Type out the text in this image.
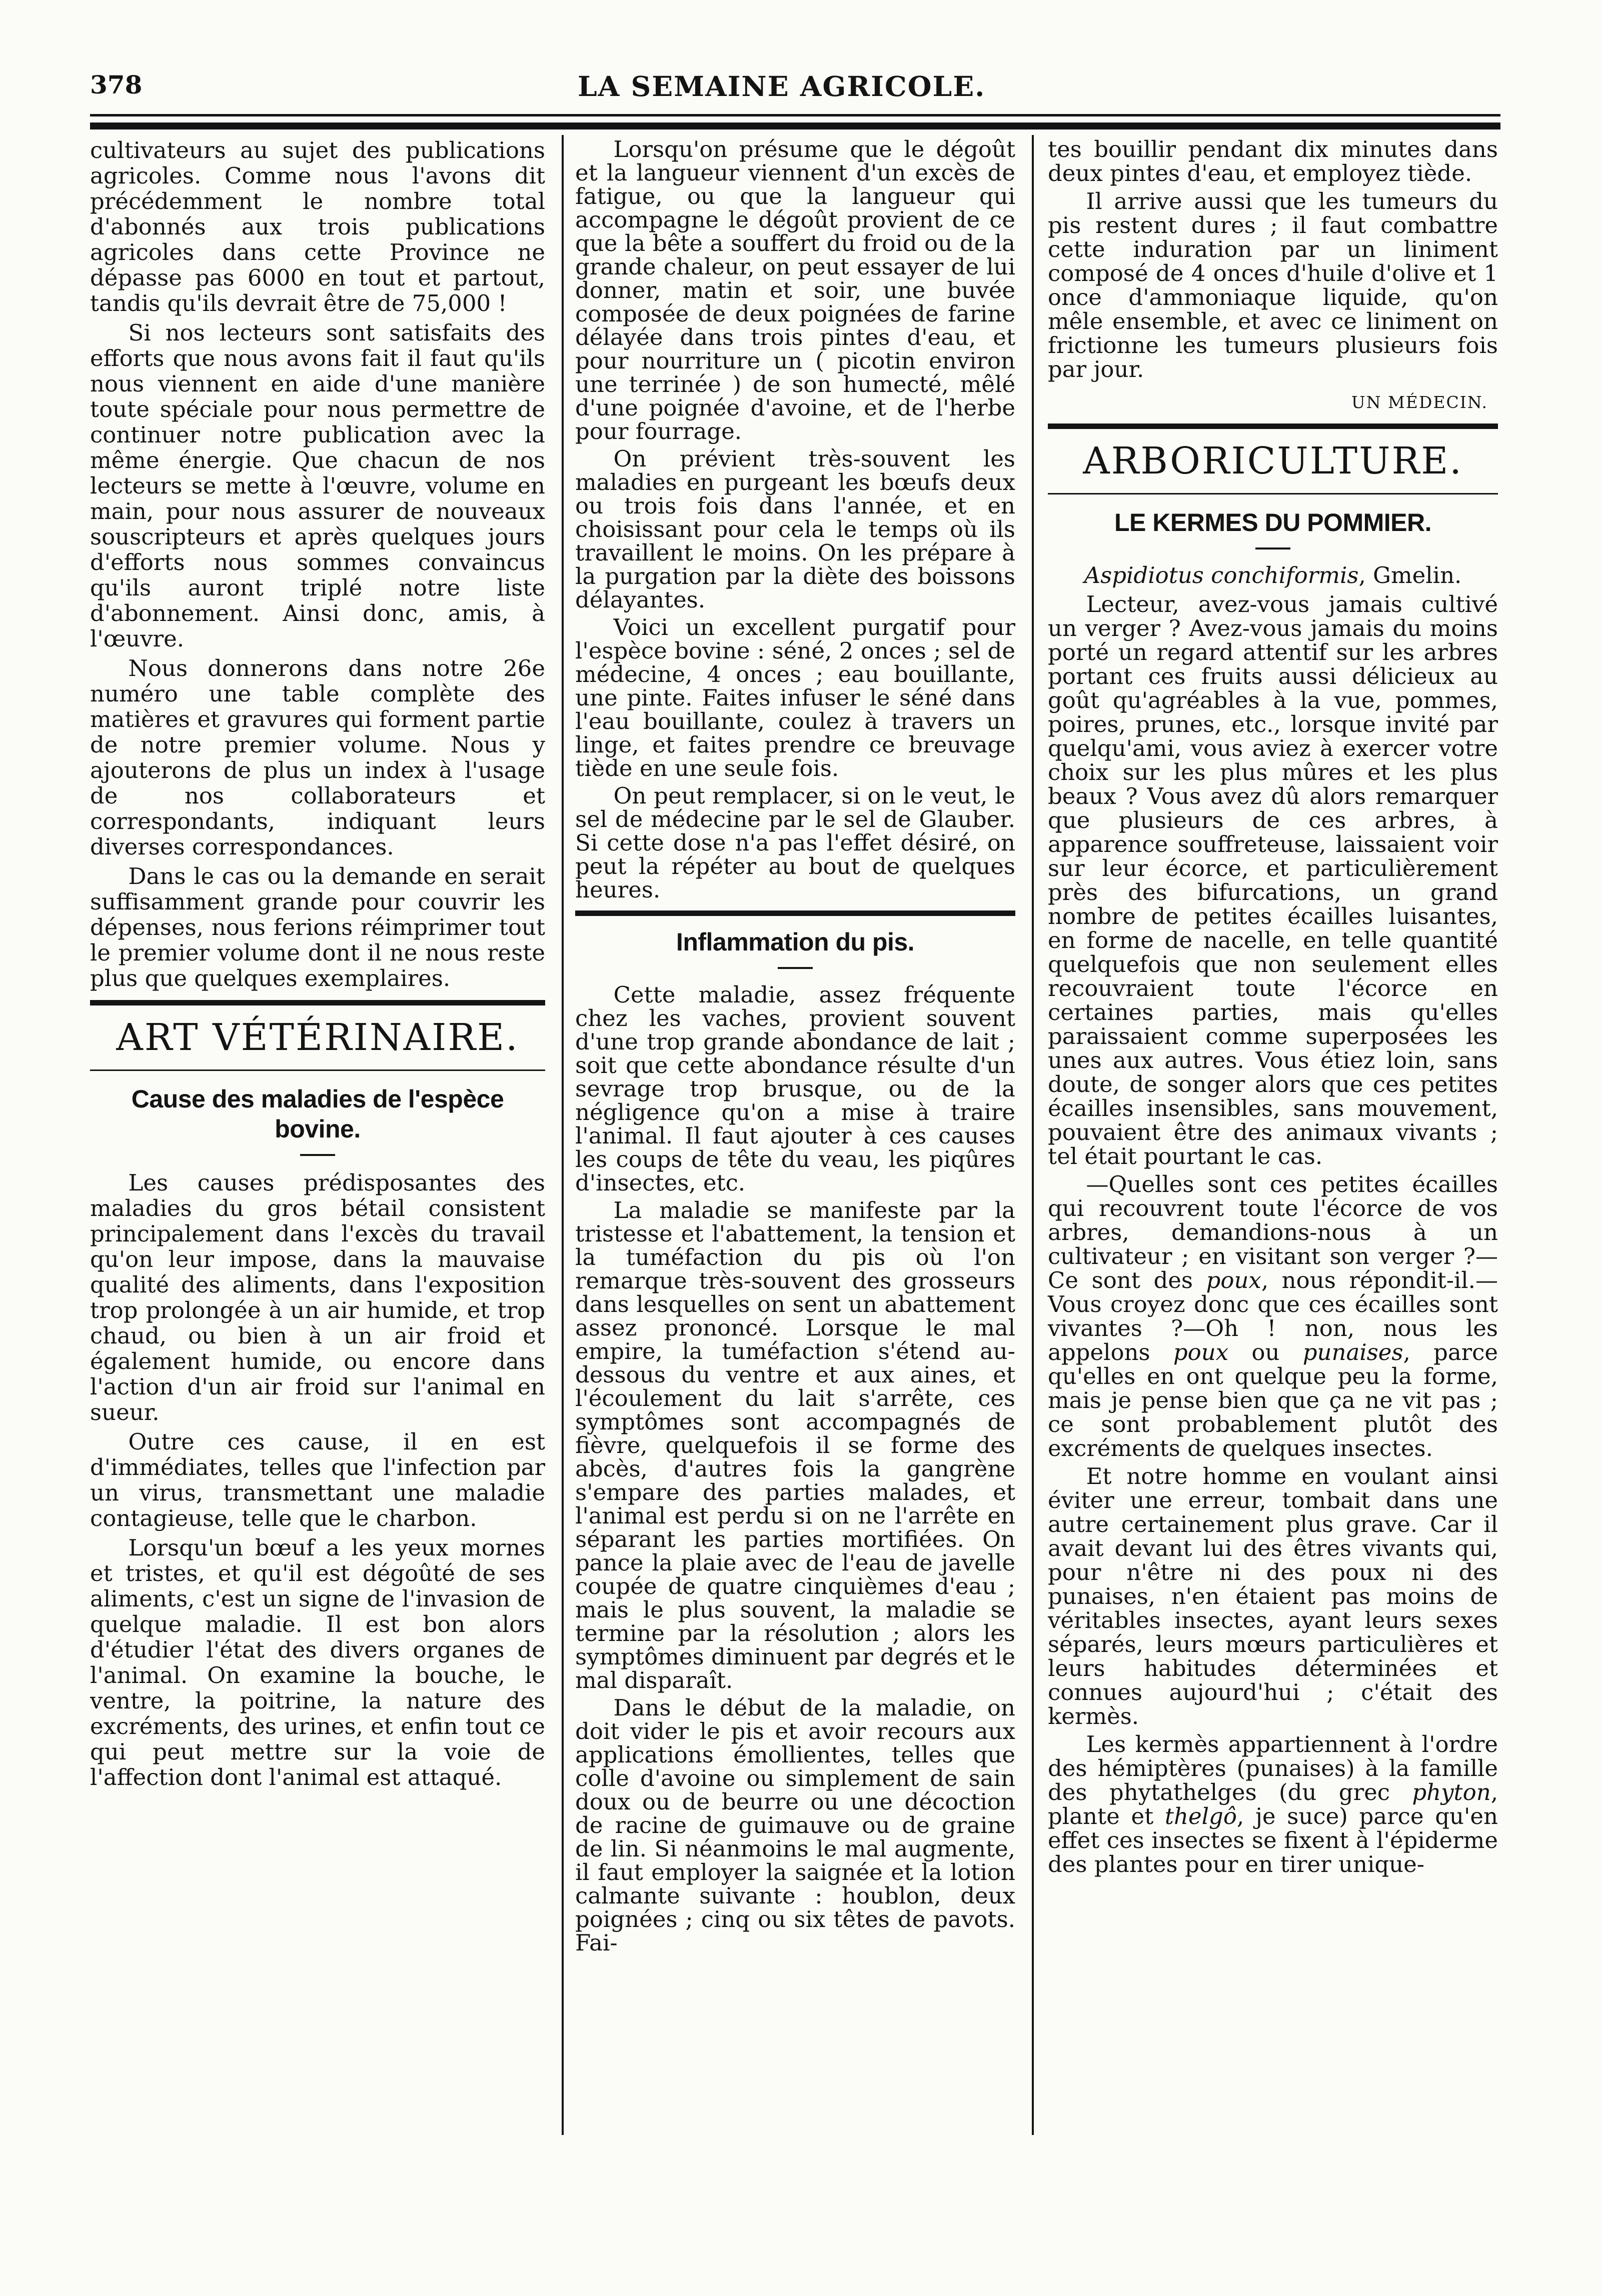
378	LA SEMAINE AGRICOLE.

cultivateurs au sujet des publications agricoles. Comme nous l'avons dit précédemment le nombre total d'abonnés aux trois publications agricoles dans cette Province ne dépasse pas 6000 en tout et partout, tandis qu'ils devrait être de 75,000 !

Si nos lecteurs sont satisfaits des efforts que nous avons fait il faut qu'ils nous viennent en aide d'une manière toute spéciale pour nous permettre de continuer notre publication avec la même énergie. Que chacun de nos lecteurs se mette à l'œuvre, volume en main, pour nous assurer de nouveaux souscripteurs et après quelques jours d'efforts nous sommes convaincus qu'ils auront triplé notre liste d'abonnement. Ainsi donc, amis, à l'œuvre.

Nous donnerons dans notre 26e numéro une table complète des matières et gravures qui forment partie de notre premier volume. Nous y ajouterons de plus un index à l'usage de nos collaborateurs et correspondants, indiquant leurs diverses correspondances.

Dans le cas ou la demande en serait suffisamment grande pour couvrir les dépenses, nous ferions réimprimer tout le premier volume dont il ne nous reste plus que quelques exemplaires.

ART VÉTÉRINAIRE.
Cause des maladies de l'espèce bovine.

Les causes prédisposantes des maladies du gros bétail consistent principalement dans l'excès du travail qu'on leur impose, dans la mauvaise qualité des aliments, dans l'exposition trop prolongée à un air humide, et trop chaud, ou bien à un air froid et également humide, ou encore dans l'action d'un air froid sur l'animal en sueur.

Outre ces cause, il en est d'immédiates, telles que l'infection par un virus, transmettant une maladie contagieuse, telle que le charbon.

Lorsqu'un bœuf a les yeux mornes et tristes, et qu'il est dégoûté de ses aliments, c'est un signe de l'invasion de quelque maladie. Il est bon alors d'étudier l'état des divers organes de l'animal. On examine la bouche, le ventre, la poitrine, la nature des excréments, des urines, et enfin tout ce qui peut mettre sur la voie de l'affection dont l'animal est attaqué.

Lorsqu'on présume que le dégoût et la langueur viennent d'un excès de fatigue, ou que la langueur qui accompagne le dégoût provient de ce que la bête a souffert du froid ou de la grande chaleur, on peut essayer de lui donner, matin et soir, une buvée composée de deux poignées de farine délayée dans trois pintes d'eau, et pour nourriture un ( picotin environ une terrinée ) de son humecté, mêlé d'une poignée d'avoine, et de l'herbe pour fourrage.

On prévient très-souvent les maladies en purgeant les bœufs deux ou trois fois dans l'année, et en choisissant pour cela le temps où ils travaillent le moins. On les prépare à la purgation par la diète des boissons délayantes.

Voici un excellent purgatif pour l'espèce bovine : séné, 2 onces ; sel de médecine, 4 onces ; eau bouillante, une pinte. Faites infuser le séné dans l'eau bouillante, coulez à travers un linge, et faites prendre ce breuvage tiède en une seule fois.

On peut remplacer, si on le veut, le sel de médecine par le sel de Glauber. Si cette dose n'a pas l'effet désiré, on peut la répéter au bout de quelques heures.

Inflammation du pis.

Cette maladie, assez fréquente chez les vaches, provient souvent d'une trop grande abondance de lait ; soit que cette abondance résulte d'un sevrage trop brusque, ou de la négligence qu'on a mise à traire l'animal. Il faut ajouter à ces causes les coups de tête du veau, les piqûres d'insectes, etc.

La maladie se manifeste par la tristesse et l'abattement, la tension et la tuméfaction du pis où l'on remarque très-souvent des grosseurs dans lesquelles on sent un abattement assez prononcé. Lorsque le mal empire, la tuméfaction s'étend au-dessous du ventre et aux aines, et l'écoulement du lait s'arrête, ces symptômes sont accompagnés de fièvre, quelquefois il se forme des abcès, d'autres fois la gangrène s'empare des parties malades, et l'animal est perdu si on ne l'arrête en séparant les parties mortifiées. On pance la plaie avec de l'eau de javelle coupée de quatre cinquièmes d'eau ; mais le plus souvent, la maladie se termine par la résolution ; alors les symptômes diminuent par degrés et le mal disparaît.

Dans le début de la maladie, on doit vider le pis et avoir recours aux applications émollientes, telles que colle d'avoine ou simplement de sain doux ou de beurre ou une décoction de racine de guimauve ou de graine de lin. Si néanmoins le mal augmente, il faut employer la saignée et la lotion calmante suivante : houblon, deux poignées ; cinq ou six têtes de pavots. Fai-

tes bouillir pendant dix minutes dans deux pintes d'eau, et employez tiède.

Il arrive aussi que les tumeurs du pis restent dures ; il faut combattre cette induration par un liniment composé de 4 onces d'huile d'olive et 1 once d'ammoniaque liquide, qu'on mêle ensemble, et avec ce liniment on frictionne les tumeurs plusieurs fois par jour.

UN MÉDECIN.
ARBORICULTURE.
LE KERMES DU POMMIER.
Aspidiotus conchiformis, Gmelin.

Lecteur, avez-vous jamais cultivé un verger ? Avez-vous jamais du moins porté un regard attentif sur les arbres portant ces fruits aussi délicieux au goût qu'agréables à la vue, pommes, poires, prunes, etc., lorsque invité par quelqu'ami, vous aviez à exercer votre choix sur les plus mûres et les plus beaux ? Vous avez dû alors remarquer que plusieurs de ces arbres, à apparence souffreteuse, laissaient voir sur leur écorce, et particulièrement près des bifurcations, un grand nombre de petites écailles luisantes, en forme de nacelle, en telle quantité quelquefois que non seulement elles recouvraient toute l'écorce en certaines parties, mais qu'elles paraissaient comme superposées les unes aux autres. Vous étiez loin, sans doute, de songer alors que ces petites écailles insensibles, sans mouvement, pouvaient être des animaux vivants ; tel était pourtant le cas.

—Quelles sont ces petites écailles qui recouvrent toute l'écorce de vos arbres, demandions-nous à un cultivateur ; en visitant son verger ?—Ce sont des poux, nous répondit-il.—Vous croyez donc que ces écailles sont vivantes ?—Oh ! non, nous les appelons poux ou punaises, parce qu'elles en ont quelque peu la forme, mais je pense bien que ça ne vit pas ; ce sont probablement plutôt des excréments de quelques insectes.

Et notre homme en voulant ainsi éviter une erreur, tombait dans une autre certainement plus grave. Car il avait devant lui des êtres vivants qui, pour n'être ni des poux ni des punaises, n'en étaient pas moins de véritables insectes, ayant leurs sexes séparés, leurs mœurs particulières et leurs habitudes déterminées et connues aujourd'hui ; c'était des kermès.

Les kermès appartiennent à l'ordre des hémiptères (punaises) à la famille des phytathelges (du grec phyton, plante et thelgô, je suce) parce qu'en effet ces insectes se fixent à l'épiderme des plantes pour en tirer unique-
